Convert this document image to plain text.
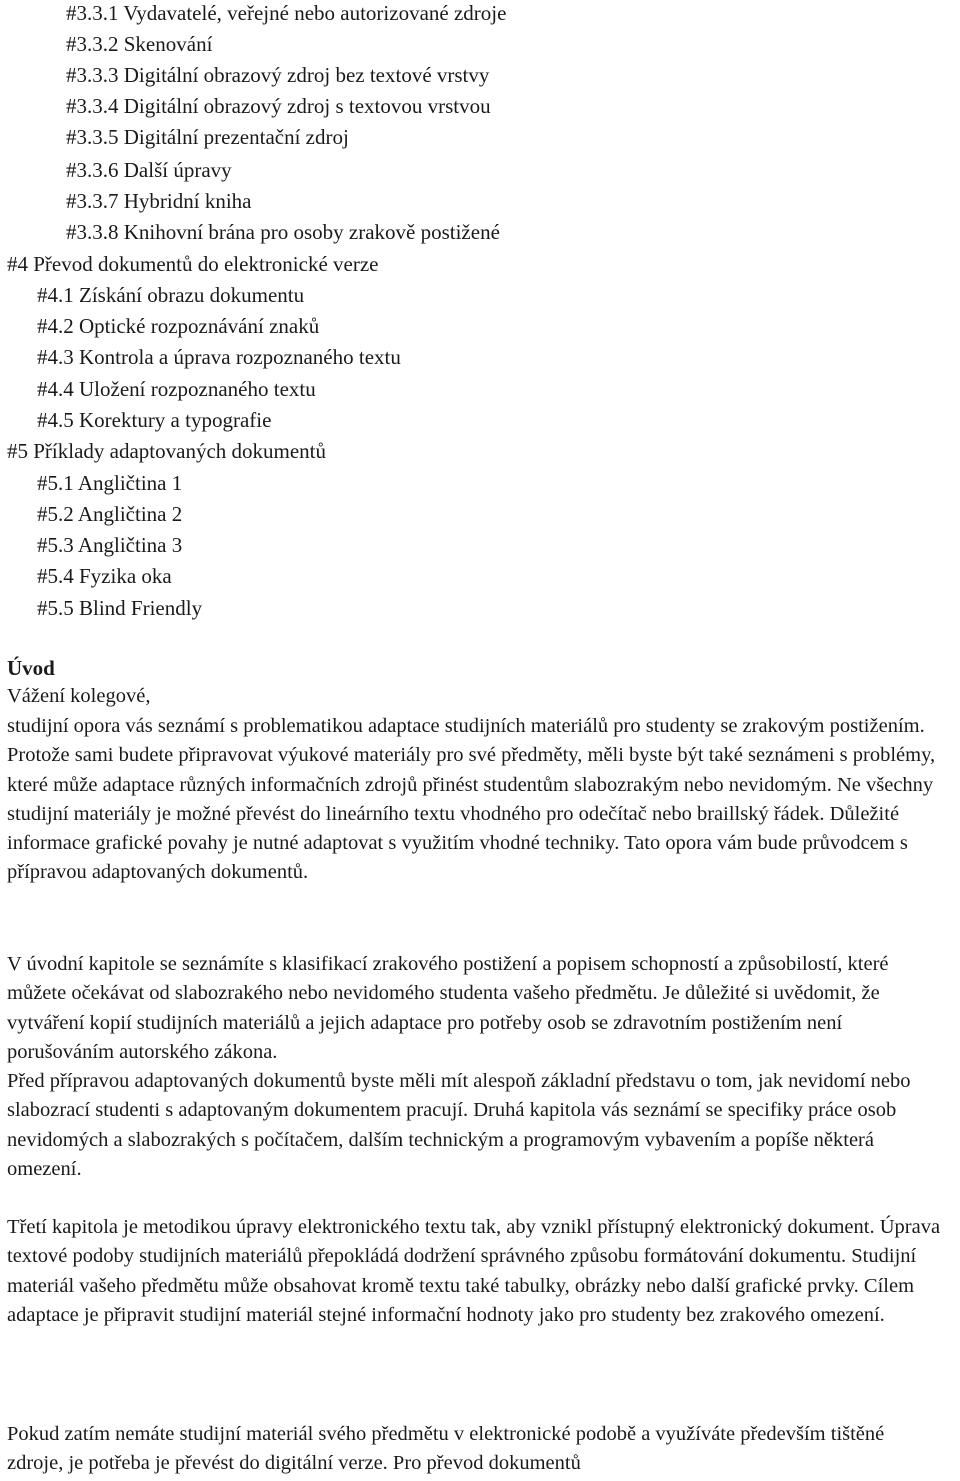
#3.3.1 Vydavatelé, veřejné nebo autorizované zdroje
#3.3.2 Skenování
#3.3.3 Digitální obrazový zdroj bez textové vrstvy
#3.3.4 Digitální obrazový zdroj s textovou vrstvou
#3.3.5 Digitální prezentační zdroj
#3.3.6 Další úpravy
#3.3.7 Hybridní kniha
#3.3.8 Knihovní brána pro osoby zrakově postižené
#4 Převod dokumentů do elektronické verze
#4.1 Získání obrazu dokumentu
#4.2 Optické rozpoznávání znaků
#4.3 Kontrola a úprava rozpoznaného textu
#4.4 Uložení rozpoznaného textu
#4.5 Korektury a typografie
#5 Příklady adaptovaných dokumentů
#5.1 Angličtina 1
#5.2 Angličtina 2
#5.3 Angličtina 3
#5.4 Fyzika oka
#5.5 Blind Friendly
Úvod

Vážení kolegové,

studijní opora vás seznámí s problematikou adaptace studijních materiálů pro studenty se zrakovým postižením. Protože sami budete připravovat výukové materiály pro své předměty, měli byste být také seznámeni s problémy, které může adaptace různých informačních zdrojů přinést studentům slabozrakým nebo nevidomým. Ne všechny studijní materiály je možné převést do lineárního textu vhodného pro odečítač nebo braillský řádek. Důležité informace grafické povahy je nutné adaptovat s využitím vhodné techniky. Tato opora vám bude průvodcem s přípravou adaptovaných dokumentů.

V úvodní kapitole se seznámíte s klasifikací zrakového postižení a popisem schopností a způsobilostí, které můžete očekávat od slabozrakého nebo nevidomého studenta vašeho předmětu. Je důležité si uvědomit, že vytváření kopií studijních materiálů a jejich adaptace pro potřeby osob se zdravotním postižením není porušováním autorského zákona.

Před přípravou adaptovaných dokumentů byste měli mít alespoň základní představu o tom, jak nevidomí nebo slabozrací studenti s adaptovaným dokumentem pracují. Druhá kapitola vás seznámí se specifiky práce osob nevidomých a slabozrakých s počítačem, dalším technickým a programovým vybavením a popíše některá omezení.

Třetí kapitola je metodikou úpravy elektronického textu tak, aby vznikl přístupný elektronický dokument. Úprava textové podoby studijních materiálů přepokládá dodržení správného způsobu formátování dokumentu. Studijní materiál vašeho předmětu může obsahovat kromě textu také tabulky, obrázky nebo další grafické prvky. Cílem adaptace je připravit studijní materiál stejné informační hodnoty jako pro studenty bez zrakového omezení.

Pokud zatím nemáte studijní materiál svého předmětu v elektronické podobě a využíváte především tištěné zdroje, je potřeba je převést do digitální verze. Pro převod dokumentů
